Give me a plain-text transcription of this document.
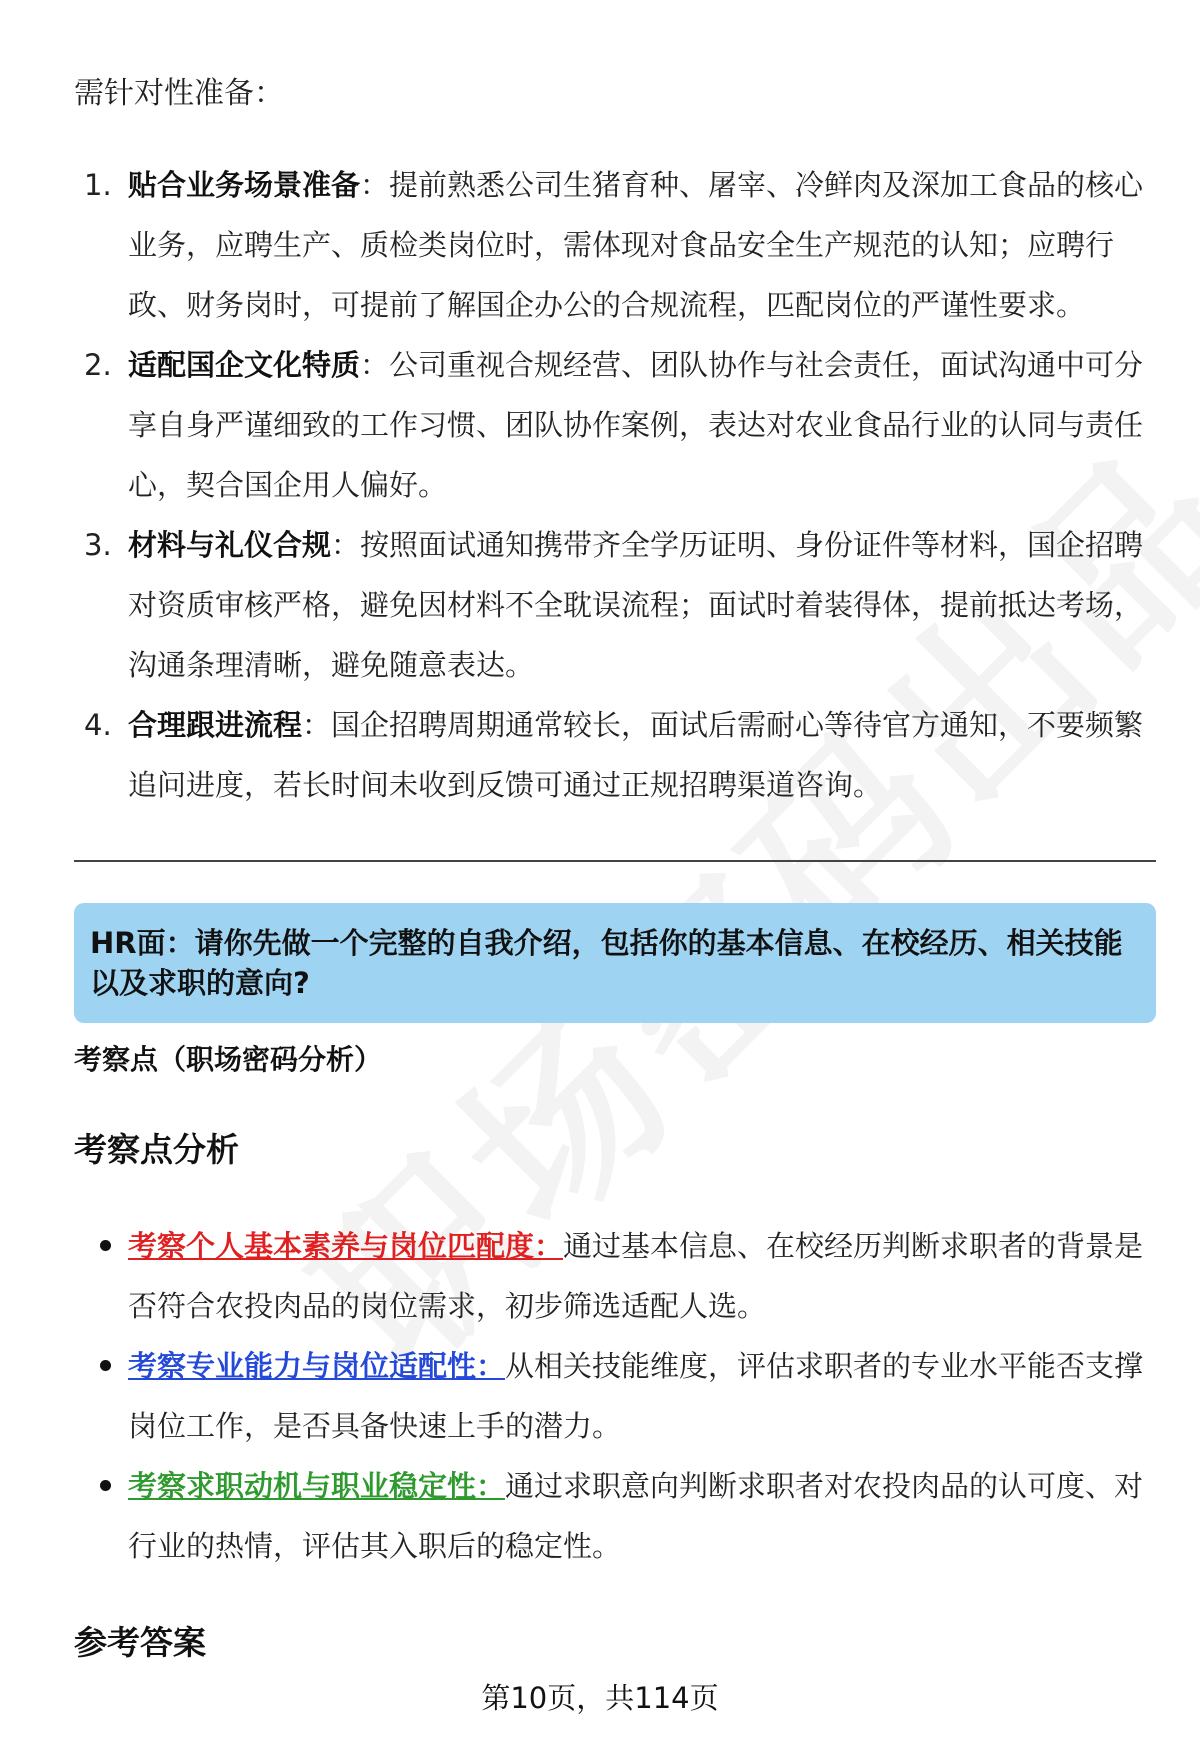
需针对性准备：
1. 贴合业务场景准备：提前熟悉公司生猪育种、屠宰、冷鲜肉及深加工食品的核心业务，应聘生产、质检类岗位时，需体现对食品安全生产规范的认知；应聘行政、财务岗时，可提前了解国企办公的合规流程，匹配岗位的严谨性要求。
2. 适配国企文化特质：公司重视合规经营、团队协作与社会责任，面试沟通中可分享自身严谨细致的工作习惯、团队协作案例，表达对农业食品行业的认同与责任心，契合国企用人偏好。
3. 材料与礼仪合规：按照面试通知携带齐全学历证明、身份证件等材料，国企招聘对资质审核严格，避免因材料不全耽误流程；面试时着装得体，提前抵达考场，沟通条理清晰，避免随意表达。
4. 合理跟进流程：国企招聘周期通常较长，面试后需耐心等待官方通知，不要频繁追问进度，若长时间未收到反馈可通过正规招聘渠道咨询。
HR面：请你先做一个完整的自我介绍，包括你的基本信息、在校经历、相关技能以及求职的意向?
考察点（职场密码分析）
考察点分析
考察个人基本素养与岗位匹配度：通过基本信息、在校经历判断求职者的背景是否符合农投肉品的岗位需求，初步筛选适配人选。
考察专业能力与岗位适配性：从相关技能维度，评估求职者的专业水平能否支撑岗位工作，是否具备快速上手的潜力。
考察求职动机与职业稳定性：通过求职意向判断求职者对农投肉品的认可度、对行业的热情，评估其入职后的稳定性。
参考答案
第10页，共114页
